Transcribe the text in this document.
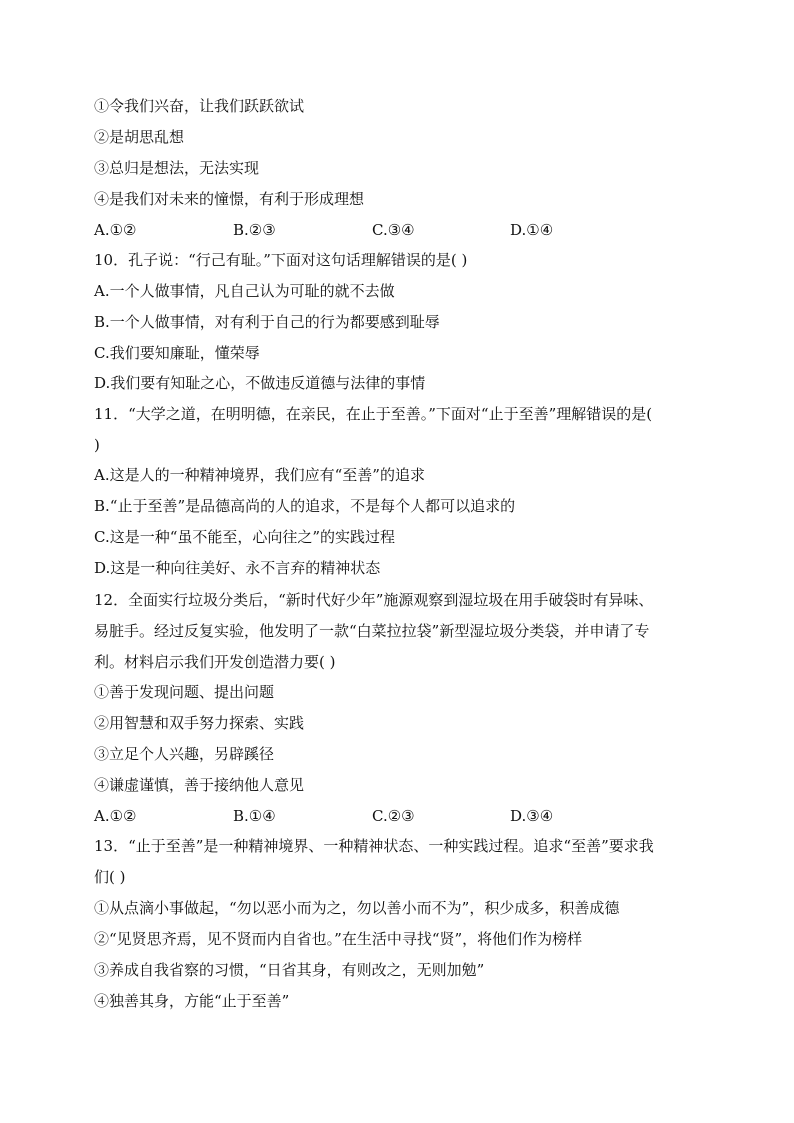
①令我们兴奋，让我们跃跃欲试
②是胡思乱想
③总归是想法，无法实现
④是我们对未来的憧憬，有利于形成理想
A.①②	B.②③	C.③④	D.①④
10．孔子说：“行己有耻。”下面对这句话理解错误的是( )
A.一个人做事情，凡自己认为可耻的就不去做
B.一个人做事情，对有利于自己的行为都要感到耻辱
C.我们要知廉耻，懂荣辱
D.我们要有知耻之心，不做违反道德与法律的事情
11．“大学之道，在明明德，在亲民，在止于至善。”下面对“止于至善”理解错误的是(
)
A.这是人的一种精神境界，我们应有“至善”的追求
B.“止于至善”是品德高尚的人的追求，不是每个人都可以追求的
C.这是一种“虽不能至，心向往之”的实践过程
D.这是一种向往美好、永不言弃的精神状态
12．全面实行垃圾分类后，“新时代好少年”施源观察到湿垃圾在用手破袋时有异味、
易脏手。经过反复实验，他发明了一款“白菜拉拉袋”新型湿垃圾分类袋，并申请了专
利。材料启示我们开发创造潜力要( )
①善于发现问题、提出问题
②用智慧和双手努力探索、实践
③立足个人兴趣，另辟蹊径
④谦虚谨慎，善于接纳他人意见
A.①②	B.①④	C.②③	D.③④
13．“止于至善”是一种精神境界、一种精神状态、一种实践过程。追求“至善”要求我
们( )
①从点滴小事做起，“勿以恶小而为之，勿以善小而不为”，积少成多，积善成德
②“见贤思齐焉，见不贤而内自省也。”在生活中寻找“贤”，将他们作为榜样
③养成自我省察的习惯，“日省其身，有则改之，无则加勉”
④独善其身，方能“止于至善”
